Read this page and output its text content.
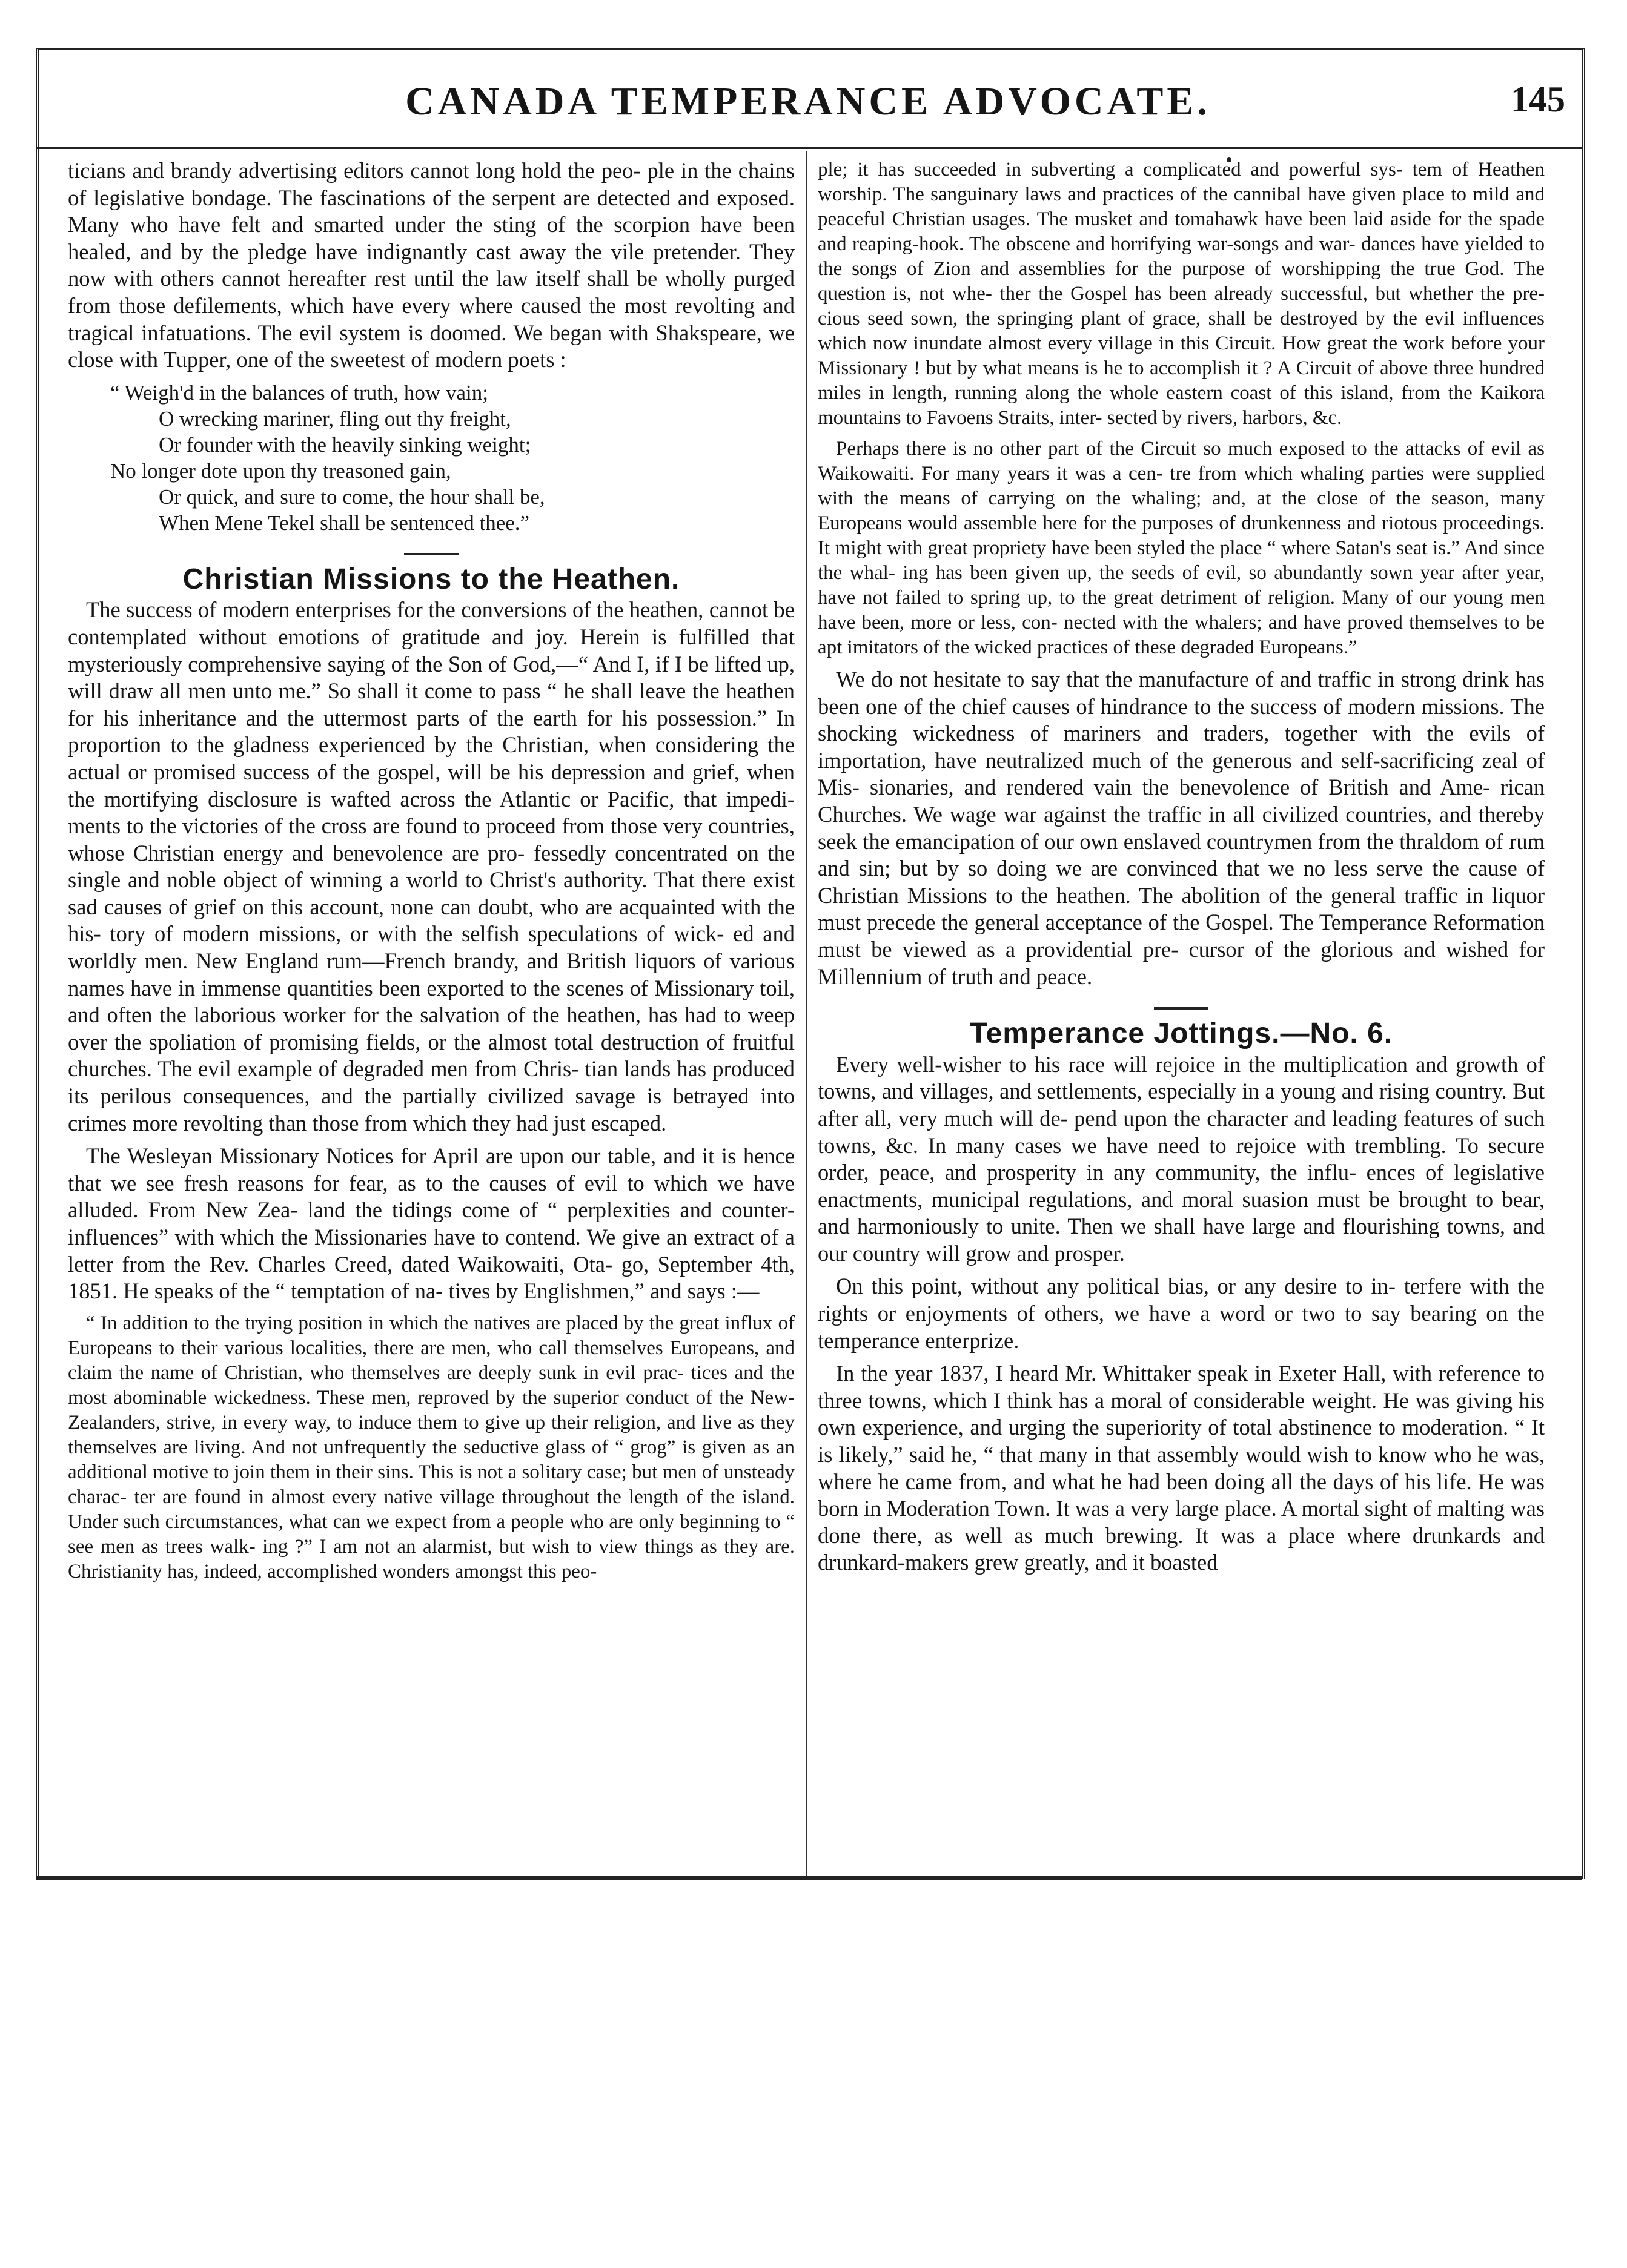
CANADA TEMPERANCE ADVOCATE.	145

ticians and brandy advertising editors cannot long hold the peo- ple in the chains of legislative bondage. The fascinations of the serpent are detected and exposed. Many who have felt and smarted under the sting of the scorpion have been healed, and by the pledge have indignantly cast away the vile pretender. They now with others cannot hereafter rest until the law itself shall be wholly purged from those defilements, which have every where caused the most revolting and tragical infatuations. The evil system is doomed. We began with Shakspeare, we close with Tupper, one of the sweetest of modern poets :

“ Weigh'd in the balances of truth, how vain;
O wrecking mariner, fling out thy freight,
Or founder with the heavily sinking weight;
No longer dote upon thy treasoned gain,
Or quick, and sure to come, the hour shall be,
When Mene Tekel shall be sentenced thee.”
Christian Missions to the Heathen.

The success of modern enterprises for the conversions of the heathen, cannot be contemplated without emotions of gratitude and joy. Herein is fulfilled that mysteriously comprehensive saying of the Son of God,—“ And I, if I be lifted up, will draw all men unto me.” So shall it come to pass “ he shall leave the heathen for his inheritance and the uttermost parts of the earth for his possession.” In proportion to the gladness experienced by the Christian, when considering the actual or promised success of the gospel, will be his depression and grief, when the mortifying disclosure is wafted across the Atlantic or Pacific, that impedi- ments to the victories of the cross are found to proceed from those very countries, whose Christian energy and benevolence are pro- fessedly concentrated on the single and noble object of winning a world to Christ's authority. That there exist sad causes of grief on this account, none can doubt, who are acquainted with the his- tory of modern missions, or with the selfish speculations of wick- ed and worldly men. New England rum—French brandy, and British liquors of various names have in immense quantities been exported to the scenes of Missionary toil, and often the laborious worker for the salvation of the heathen, has had to weep over the spoliation of promising fields, or the almost total destruction of fruitful churches. The evil example of degraded men from Chris- tian lands has produced its perilous consequences, and the partially civilized savage is betrayed into crimes more revolting than those from which they had just escaped.

The Wesleyan Missionary Notices for April are upon our table, and it is hence that we see fresh reasons for fear, as to the causes of evil to which we have alluded. From New Zea- land the tidings come of “ perplexities and counter-influences” with which the Missionaries have to contend. We give an extract of a letter from the Rev. Charles Creed, dated Waikowaiti, Ota- go, September 4th, 1851. He speaks of the “ temptation of na- tives by Englishmen,” and says :—

“ In addition to the trying position in which the natives are placed by the great influx of Europeans to their various localities, there are men, who call themselves Europeans, and claim the name of Christian, who themselves are deeply sunk in evil prac- tices and the most abominable wickedness. These men, reproved by the superior conduct of the New-Zealanders, strive, in every way, to induce them to give up their religion, and live as they themselves are living. And not unfrequently the seductive glass of “ grog” is given as an additional motive to join them in their sins. This is not a solitary case; but men of unsteady charac- ter are found in almost every native village throughout the length of the island. Under such circumstances, what can we expect from a people who are only beginning to “ see men as trees walk- ing ?” I am not an alarmist, but wish to view things as they are. Christianity has, indeed, accomplished wonders amongst this peo-

ple; it has succeeded in subverting a complicated and powerful sys- tem of Heathen worship. The sanguinary laws and practices of the cannibal have given place to mild and peaceful Christian usages. The musket and tomahawk have been laid aside for the spade and reaping-hook. The obscene and horrifying war-songs and war- dances have yielded to the songs of Zion and assemblies for the purpose of worshipping the true God. The question is, not whe- ther the Gospel has been already successful, but whether the pre- cious seed sown, the springing plant of grace, shall be destroyed by the evil influences which now inundate almost every village in this Circuit. How great the work before your Missionary ! but by what means is he to accomplish it ? A Circuit of above three hundred miles in length, running along the whole eastern coast of this island, from the Kaikora mountains to Favoens Straits, inter- sected by rivers, harbors, &c.

Perhaps there is no other part of the Circuit so much exposed to the attacks of evil as Waikowaiti. For many years it was a cen- tre from which whaling parties were supplied with the means of carrying on the whaling; and, at the close of the season, many Europeans would assemble here for the purposes of drunkenness and riotous proceedings. It might with great propriety have been styled the place “ where Satan's seat is.” And since the whal- ing has been given up, the seeds of evil, so abundantly sown year after year, have not failed to spring up, to the great detriment of religion. Many of our young men have been, more or less, con- nected with the whalers; and have proved themselves to be apt imitators of the wicked practices of these degraded Europeans.”

We do not hesitate to say that the manufacture of and traffic in strong drink has been one of the chief causes of hindrance to the success of modern missions. The shocking wickedness of mariners and traders, together with the evils of importation, have neutralized much of the generous and self-sacrificing zeal of Mis- sionaries, and rendered vain the benevolence of British and Ame- rican Churches. We wage war against the traffic in all civilized countries, and thereby seek the emancipation of our own enslaved countrymen from the thraldom of rum and sin; but by so doing we are convinced that we no less serve the cause of Christian Missions to the heathen. The abolition of the general traffic in liquor must precede the general acceptance of the Gospel. The Temperance Reformation must be viewed as a providential pre- cursor of the glorious and wished for Millennium of truth and peace.

Temperance Jottings.—No. 6.

Every well-wisher to his race will rejoice in the multiplication and growth of towns, and villages, and settlements, especially in a young and rising country. But after all, very much will de- pend upon the character and leading features of such towns, &c. In many cases we have need to rejoice with trembling. To secure order, peace, and prosperity in any community, the influ- ences of legislative enactments, municipal regulations, and moral suasion must be brought to bear, and harmoniously to unite. Then we shall have large and flourishing towns, and our country will grow and prosper.

On this point, without any political bias, or any desire to in- terfere with the rights or enjoyments of others, we have a word or two to say bearing on the temperance enterprize.

In the year 1837, I heard Mr. Whittaker speak in Exeter Hall, with reference to three towns, which I think has a moral of considerable weight. He was giving his own experience, and urging the superiority of total abstinence to moderation. “ It is likely,” said he, “ that many in that assembly would wish to know who he was, where he came from, and what he had been doing all the days of his life. He was born in Moderation Town. It was a very large place. A mortal sight of malting was done there, as well as much brewing. It was a place where drunkards and drunkard-makers grew greatly, and it boasted
